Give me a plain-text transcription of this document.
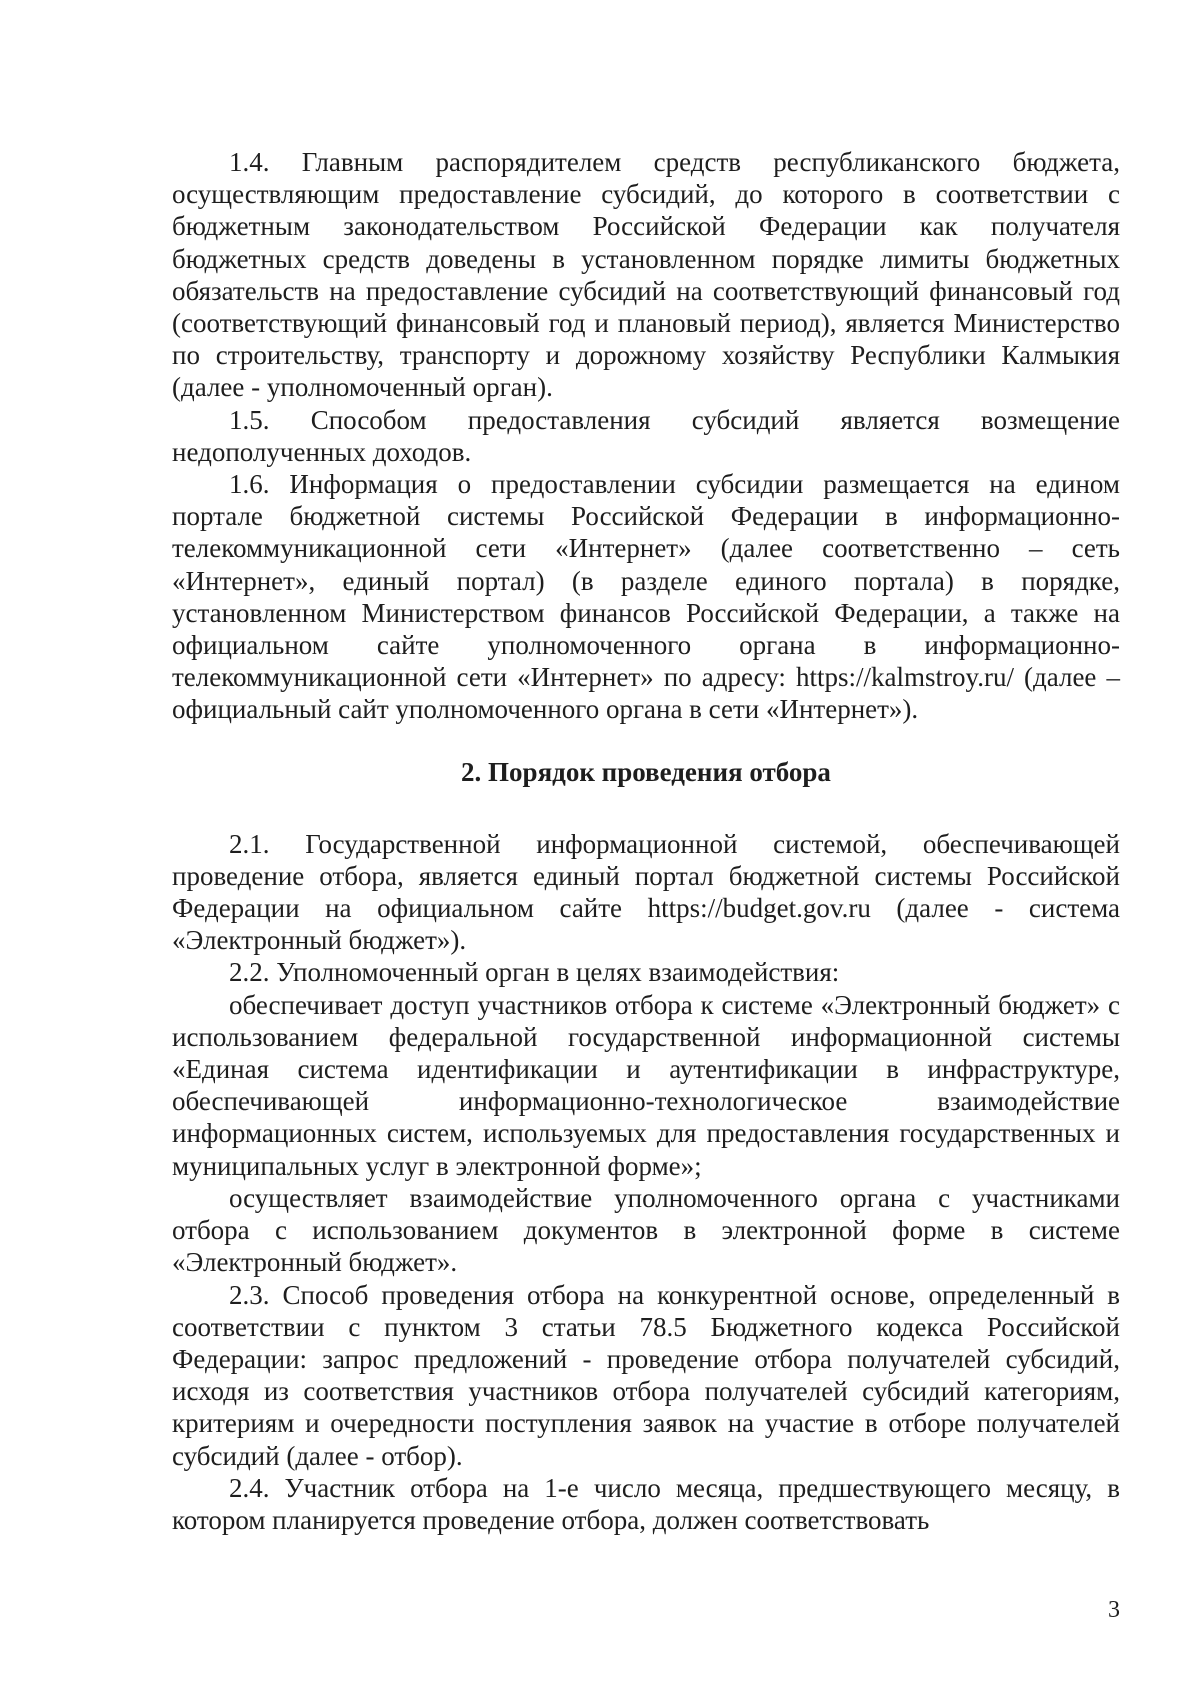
1.4. Главным распорядителем средств республиканского бюджета, осуществляющим предоставление субсидий, до которого в соответствии с бюджетным законодательством Российской Федерации как получателя бюджетных средств доведены в установленном порядке лимиты бюджетных обязательств на предоставление субсидий на соответствующий финансовый год (соответствующий финансовый год и плановый период), является Министерство по строительству, транспорту и дорожному хозяйству Республики Калмыкия (далее - уполномоченный орган).

1.5. Способом предоставления субсидий является возмещение недополученных доходов.

1.6. Информация о предоставлении субсидии размещается на едином портале бюджетной системы Российской Федерации в информационно-телекоммуникационной сети «Интернет» (далее соответственно – сеть «Интернет», единый портал) (в разделе единого портала) в порядке, установленном Министерством финансов Российской Федерации, а также на официальном сайте уполномоченного органа в информационно-телекоммуникационной сети «Интернет» по адресу: https://kalmstroy.ru/ (далее – официальный сайт уполномоченного органа в сети «Интернет»).

2. Порядок проведения отбора

2.1. Государственной информационной системой, обеспечивающей проведение отбора, является единый портал бюджетной системы Российской Федерации на официальном сайте https://budget.gov.ru (далее - система «Электронный бюджет»).

2.2. Уполномоченный орган в целях взаимодействия:

обеспечивает доступ участников отбора к системе «Электронный бюджет» с использованием федеральной государственной информационной системы «Единая система идентификации и аутентификации в инфраструктуре, обеспечивающей информационно-технологическое взаимодействие информационных систем, используемых для предоставления государственных и муниципальных услуг в электронной форме»;

осуществляет взаимодействие уполномоченного органа с участниками отбора с использованием документов в электронной форме в системе «Электронный бюджет».

2.3. Способ проведения отбора на конкурентной основе, определенный в соответствии с пунктом 3 статьи 78.5 Бюджетного кодекса Российской Федерации: запрос предложений - проведение отбора получателей субсидий, исходя из соответствия участников отбора получателей субсидий категориям, критериям и очередности поступления заявок на участие в отборе получателей субсидий (далее - отбор).

2.4. Участник отбора на 1-е число месяца, предшествующего месяцу, в котором планируется проведение отбора, должен соответствовать

3
